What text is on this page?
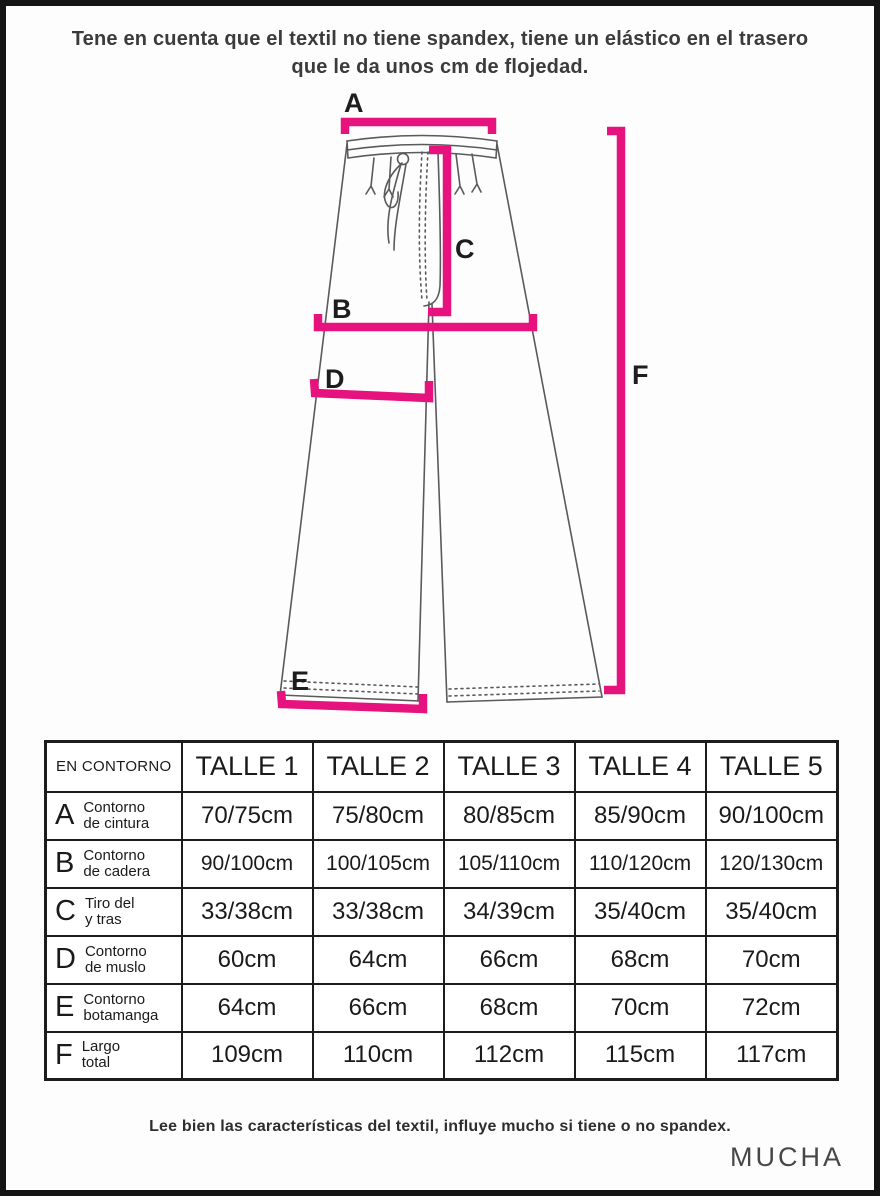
Tene en cuenta que el textil no tiene spandex, tiene un elástico en el trasero
que le da unos cm de flojedad.
A
B
C
D
E
F
EN CONTORNO	TALLE 1	TALLE 2	TALLE 3	TALLE 4	TALLE 5

A Contorno
de cintura	70/75cm	75/80cm	80/85cm	85/90cm	90/100cm

B Contorno
de cadera	90/100cm	100/105cm	105/110cm	110/120cm	120/130cm

C Tiro del
y tras	33/38cm	33/38cm	34/39cm	35/40cm	35/40cm

D Contorno
de muslo	60cm	64cm	66cm	68cm	70cm

E Contorno
botamanga	64cm	66cm	68cm	70cm	72cm

F Largo
total	109cm	110cm	112cm	115cm	117cm
Lee bien las características del textil, influye mucho si tiene o no spandex.
MUCHA
